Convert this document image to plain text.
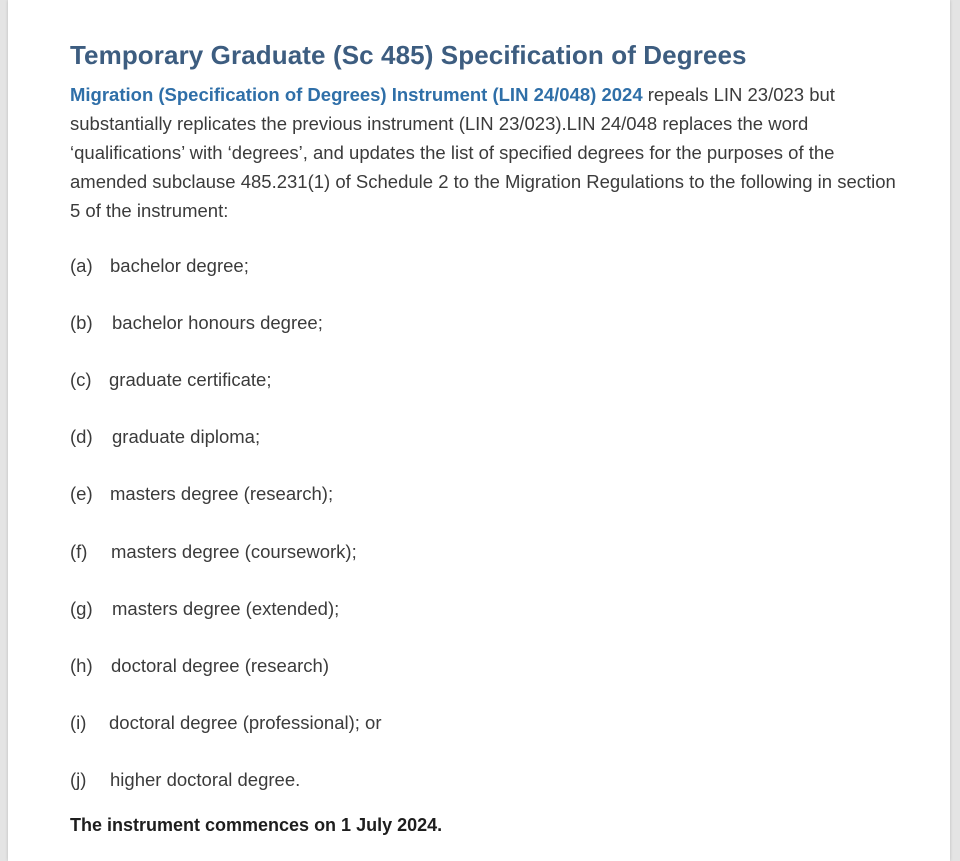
Temporary Graduate (Sc 485) Specification of Degrees

Migration (Specification of Degrees) Instrument (LIN 24/048) 2024 repeals LIN 23/023 but substantially replicates the previous instrument (LIN 23/023).LIN 24/048 replaces the word ‘qualifications’ with ‘degrees’, and updates the list of specified degrees for the purposes of the amended subclause 485.231(1) of Schedule 2 to the Migration Regulations to the following in section 5 of the instrument:

(a) bachelor degree;
(b) bachelor honours degree;
(c) graduate certificate;
(d) graduate diploma;
(e) masters degree (research);
(f) masters degree (coursework);
(g) masters degree (extended);
(h) doctoral degree (research)
(i) doctoral degree (professional); or
(j) higher doctoral degree.

The instrument commences on 1 July 2024.
